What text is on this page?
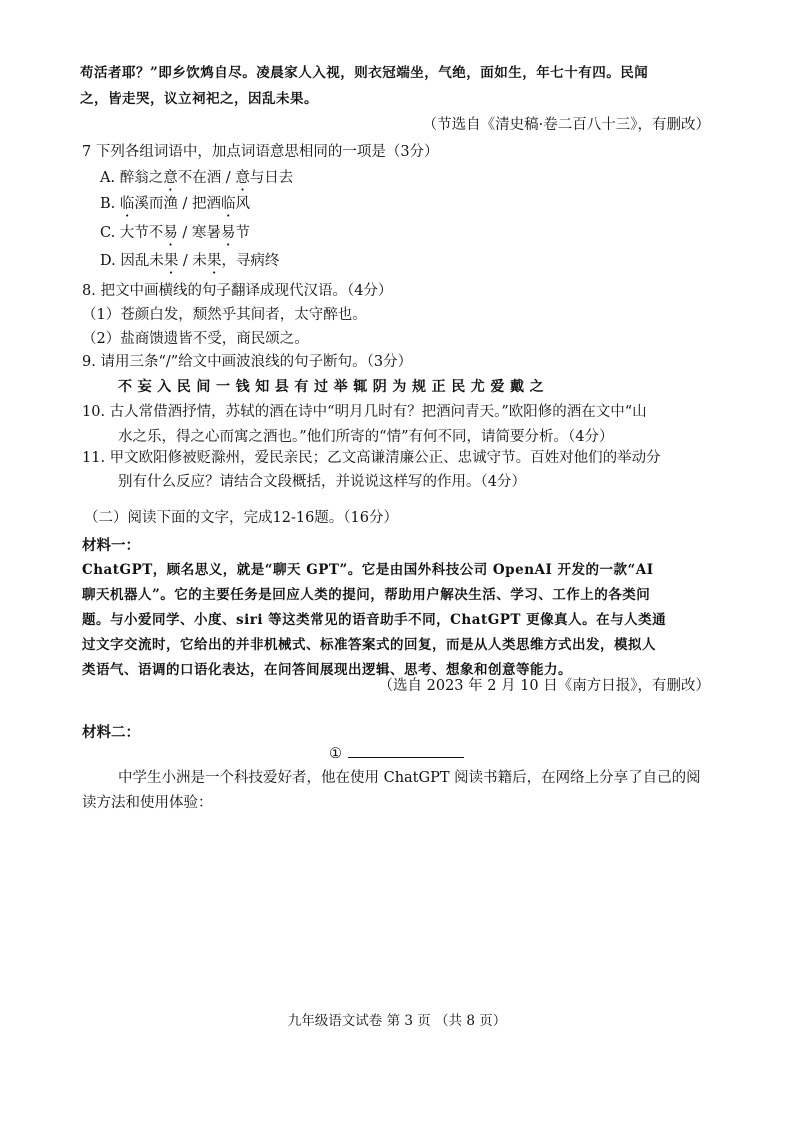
苟活者耶？”即乡饮鸩自尽。凌晨家人入视，则衣冠端坐，气绝，面如生，年七十有四。民闻
之，皆走哭，议立祠祀之，因乱未果。
（节选自《清史稿·卷二百八十三》，有删改）
7 下列各组词语中，加点词语意思相同的一项是（3分）
A. 醉翁之意不在酒 / 意与日去
B. 临溪而渔 / 把酒临风
C. 大节不易 / 寒暑易节
D. 因乱未果 / 未果，寻病终
8. 把文中画横线的句子翻译成现代汉语。（4分）
（1）苍颜白发，颓然乎其间者，太守醉也。
（2）盐商馈遗皆不受，商民颂之。
9. 请用三条“/”给文中画波浪线的句子断句。（3分）
不妄入民间一钱知县有过举辄阴为规正民尤爱戴之
10. 古人常借酒抒情，苏轼的酒在诗中“明月几时有？把酒问青天。”欧阳修的酒在文中“山
水之乐，得之心而寓之酒也。”他们所寄的“情”有何不同，请简要分析。（4分）
11. 甲文欧阳修被贬滁州，爱民亲民；乙文高谦清廉公正、忠诚守节。百姓对他们的举动分
别有什么反应？请结合文段概括，并说说这样写的作用。（4分）
（二）阅读下面的文字，完成12-16题。（16分）
材料一：
ChatGPT，顾名思义，就是“聊天 GPT”。它是由国外科技公司 OpenAI 开发的一款“AI
聊天机器人”。它的主要任务是回应人类的提问，帮助用户解决生活、学习、工作上的各类问
题。与小爱同学、小度、siri 等这类常见的语音助手不同，ChatGPT 更像真人。在与人类通
过文字交流时，它给出的并非机械式、标准答案式的回复，而是从人类思维方式出发，模拟人
类语气、语调的口语化表达，在问答间展现出逻辑、思考、想象和创意等能力。
（选自 2023 年 2 月 10 日《南方日报》，有删改）
材料二：
①
中学生小洲是一个科技爱好者，他在使用 ChatGPT 阅读书籍后，在网络上分享了自己的阅
读方法和使用体验：
九年级语文试卷 第 3 页 （共 8 页）
